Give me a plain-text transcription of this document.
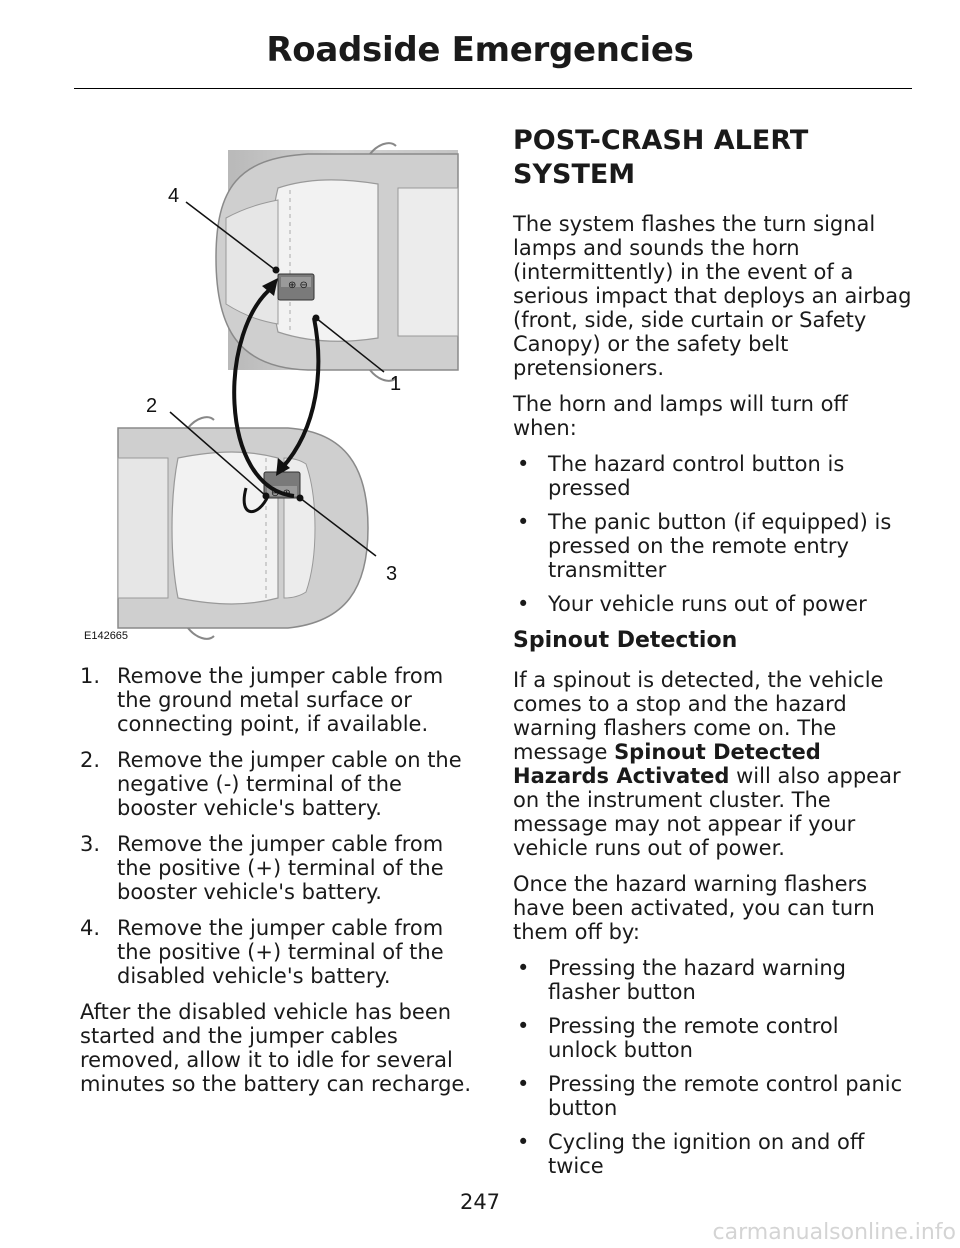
Roadside Emergencies
⊕ ⊖
⊖ ⊕
1
2
3
4
E142665
1. Remove the jumper cable from the ground metal surface or connecting point, if available.
2. Remove the jumper cable on the negative (-) terminal of the booster vehicle's battery.
3. Remove the jumper cable from the positive (+) terminal of the booster vehicle's battery.
4. Remove the jumper cable from the positive (+) terminal of the disabled vehicle's battery.

After the disabled vehicle has been started and the jumper cables removed, allow it to idle for several minutes so the battery can recharge.

POST-CRASH ALERT SYSTEM

The system flashes the turn signal lamps and sounds the horn (intermittently) in the event of a serious impact that deploys an airbag (front, side, side curtain or Safety Canopy) or the safety belt pretensioners.

The horn and lamps will turn off when:

• The hazard control button is pressed
• The panic button (if equipped) is pressed on the remote entry transmitter
• Your vehicle runs out of power
Spinout Detection

If a spinout is detected, the vehicle comes to a stop and the hazard warning flashers come on. The message Spinout Detected Hazards Activated will also appear on the instrument cluster. The message may not appear if your vehicle runs out of power.

Once the hazard warning flashers have been activated, you can turn them off by:

• Pressing the hazard warning flasher button
• Pressing the remote control unlock button
• Pressing the remote control panic button
• Cycling the ignition on and off twice
247
carmanualsonline.info
